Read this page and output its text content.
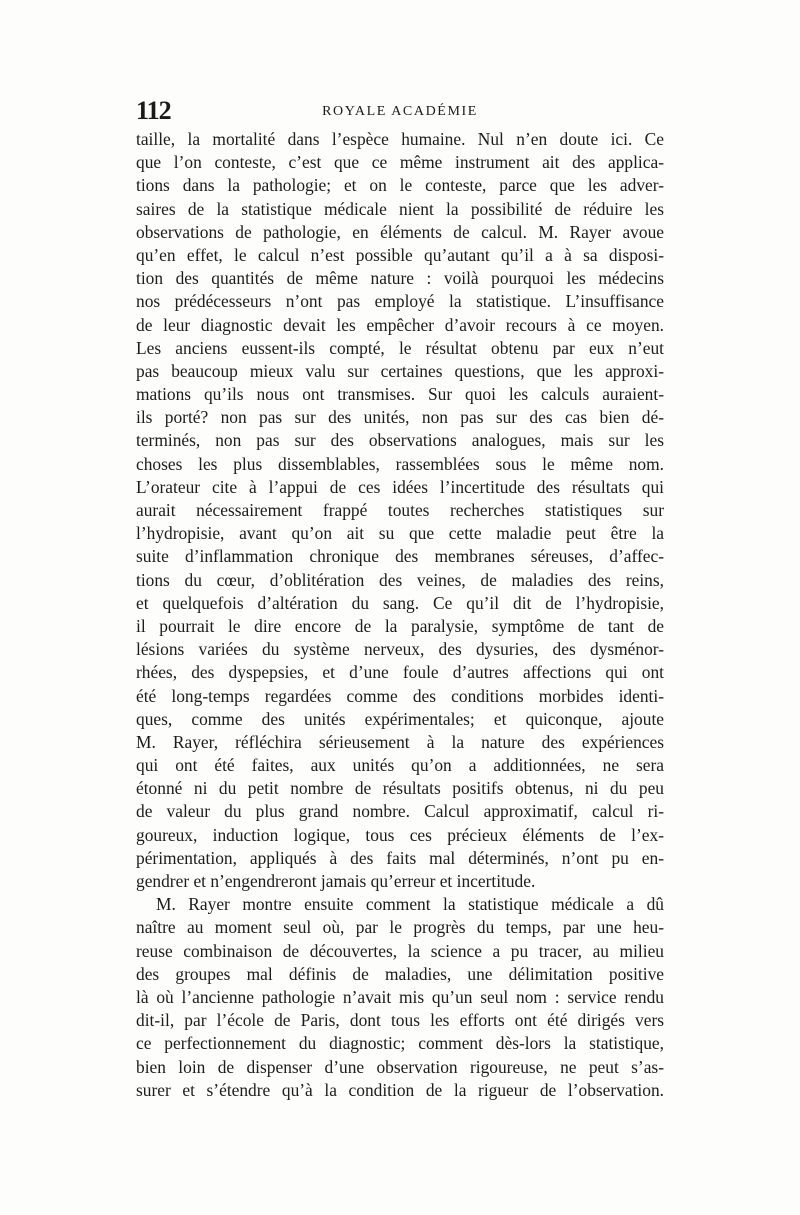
112	ROYALE ACADÉMIE
taille, la mortalité dans l’espèce humaine. Nul n’en doute ici. Ce
que l’on conteste, c’est que ce même instrument ait des applica-
tions dans la pathologie; et on le conteste, parce que les adver-
saires de la statistique médicale nient la possibilité de réduire les
observations de pathologie, en éléments de calcul. M. Rayer avoue
qu’en effet, le calcul n’est possible qu’autant qu’il a à sa disposi-
tion des quantités de même nature : voilà pourquoi les médecins
nos prédécesseurs n’ont pas employé la statistique. L’insuffisance
de leur diagnostic devait les empêcher d’avoir recours à ce moyen.
Les anciens eussent-ils compté, le résultat obtenu par eux n’eut
pas beaucoup mieux valu sur certaines questions, que les approxi-
mations qu’ils nous ont transmises. Sur quoi les calculs auraient-
ils porté? non pas sur des unités, non pas sur des cas bien dé-
terminés, non pas sur des observations analogues, mais sur les
choses les plus dissemblables, rassemblées sous le même nom.
L’orateur cite à l’appui de ces idées l’incertitude des résultats qui
aurait nécessairement frappé toutes recherches statistiques sur
l’hydropisie, avant qu’on ait su que cette maladie peut être la
suite d’inflammation chronique des membranes séreuses, d’affec-
tions du cœur, d’oblitération des veines, de maladies des reins,
et quelquefois d’altération du sang. Ce qu’il dit de l’hydropisie,
il pourrait le dire encore de la paralysie, symptôme de tant de
lésions variées du système nerveux, des dysuries, des dysménor-
rhées, des dyspepsies, et d’une foule d’autres affections qui ont
été long-temps regardées comme des conditions morbides identi-
ques, comme des unités expérimentales; et quiconque, ajoute
M. Rayer, réfléchira sérieusement à la nature des expériences
qui ont été faites, aux unités qu’on a additionnées, ne sera
étonné ni du petit nombre de résultats positifs obtenus, ni du peu
de valeur du plus grand nombre. Calcul approximatif, calcul ri-
goureux, induction logique, tous ces précieux éléments de l’ex-
périmentation, appliqués à des faits mal déterminés, n’ont pu en-
gendrer et n’engendreront jamais qu’erreur et incertitude.
M. Rayer montre ensuite comment la statistique médicale a dû
naître au moment seul où, par le progrès du temps, par une heu-
reuse combinaison de découvertes, la science a pu tracer, au milieu
des groupes mal définis de maladies, une délimitation positive
là où l’ancienne pathologie n’avait mis qu’un seul nom : service rendu
dit-il, par l’école de Paris, dont tous les efforts ont été dirigés vers
ce perfectionnement du diagnostic; comment dès-lors la statistique,
bien loin de dispenser d’une observation rigoureuse, ne peut s’as-
surer et s’étendre qu’à la condition de la rigueur de l’observation.
